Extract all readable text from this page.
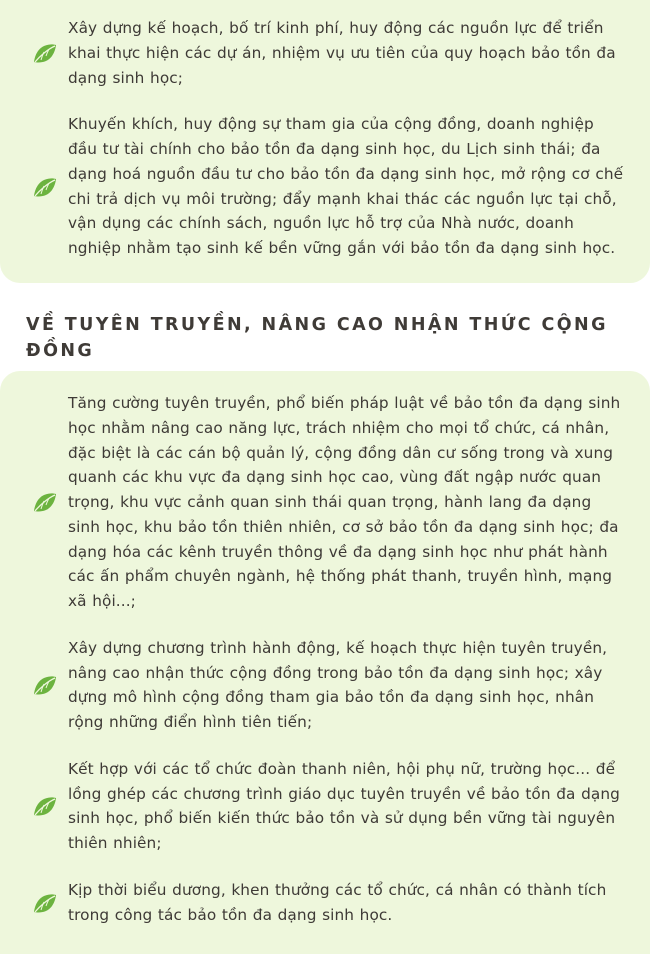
Xây dựng kế hoạch, bố trí kinh phí, huy động các nguồn lực để triển khai thực hiện các dự án, nhiệm vụ ưu tiên của quy hoạch bảo tồn đa dạng sinh học;
Khuyến khích, huy động sự tham gia của cộng đồng, doanh nghiệp đầu tư tài chính cho bảo tồn đa dạng sinh học, du Lịch sinh thái; đa dạng hoá nguồn đầu tư cho bảo tồn đa dạng sinh học, mở rộng cơ chế chi trả dịch vụ môi trường; đẩy mạnh khai thác các nguồn lực tại chỗ, vận dụng các chính sách, nguồn lực hỗ trợ của Nhà nước, doanh nghiệp nhằm tạo sinh kế bền vững gắn với bảo tồn đa dạng sinh học.
VỀ TUYÊN TRUYỀN, NÂNG CAO NHẬN THỨC CỘNG ĐỒNG
Tăng cường tuyên truyền, phổ biến pháp luật về bảo tồn đa dạng sinh học nhằm nâng cao năng lực, trách nhiệm cho mọi tổ chức, cá nhân, đặc biệt là các cán bộ quản lý, cộng đồng dân cư sống trong và xung quanh các khu vực đa dạng sinh học cao, vùng đất ngập nước quan trọng, khu vực cảnh quan sinh thái quan trọng, hành lang đa dạng sinh học, khu bảo tồn thiên nhiên, cơ sở bảo tồn đa dạng sinh học; đa dạng hóa các kênh truyền thông về đa dạng sinh học như phát hành các ấn phẩm chuyên ngành, hệ thống phát thanh, truyền hình, mạng xã hội...;
Xây dựng chương trình hành động, kế hoạch thực hiện tuyên truyền, nâng cao nhận thức cộng đồng trong bảo tồn đa dạng sinh học; xây dựng mô hình cộng đồng tham gia bảo tồn đa dạng sinh học, nhân rộng những điển hình tiên tiến;
Kết hợp với các tổ chức đoàn thanh niên, hội phụ nữ, trường học... để lồng ghép các chương trình giáo dục tuyên truyền về bảo tồn đa dạng sinh học, phổ biến kiến thức bảo tồn và sử dụng bền vững tài nguyên thiên nhiên;
Kịp thời biểu dương, khen thưởng các tổ chức, cá nhân có thành tích trong công tác bảo tồn đa dạng sinh học.
